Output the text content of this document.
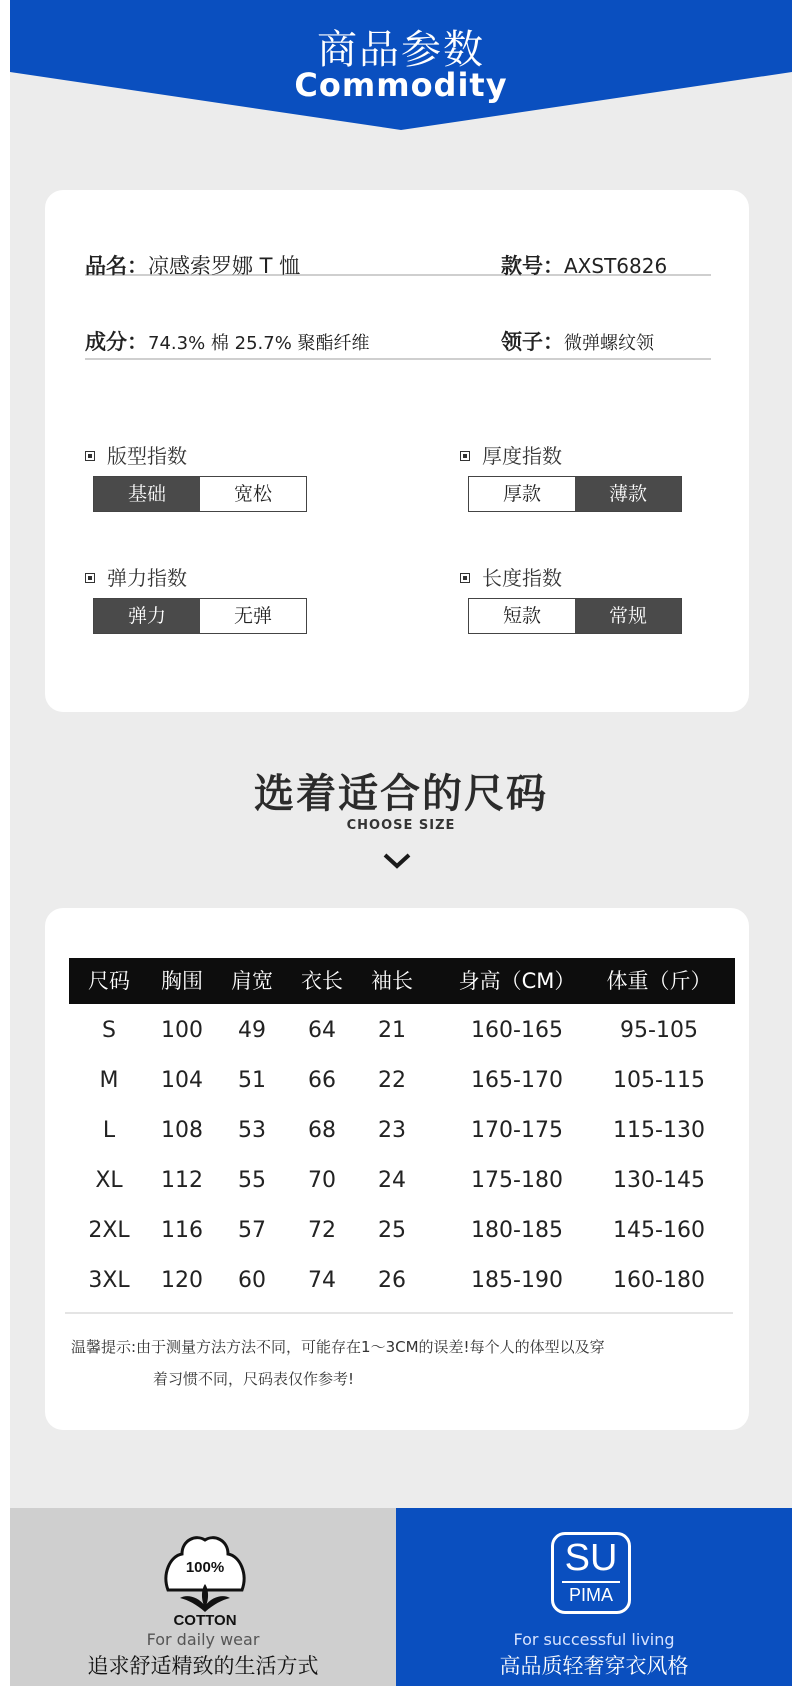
商品参数
Commodity
品名：凉感索罗娜 T 恤	款号：AXST6826
成分：74.3% 棉 25.7% 聚酯纤维	领子：微弹螺纹领
版型指数
基础	宽松
厚度指数
厚款	薄款
弹力指数
弹力	无弹
长度指数
短款	常规
选着适合的尺码
CHOOSE SIZE
尺码	胸围	肩宽	衣长	袖长	身高（CM）	体重（斤）
S	100	49	64	21	160-165	95-105
M	104	51	66	22	165-170	105-115
L	108	53	68	23	170-175	115-130
XL	112	55	70	24	175-180	130-145
2XL	116	57	72	25	180-185	145-160
3XL	120	60	74	26	185-190	160-180
温馨提示:由于测量方法方法不同，可能存在1～3CM的误差!每个人的体型以及穿
着习惯不同，尺码表仅作参考!
100%
COTTON
For daily wear
追求舒适精致的生活方式
SU
PIMA
For successful living
高品质轻奢穿衣风格
